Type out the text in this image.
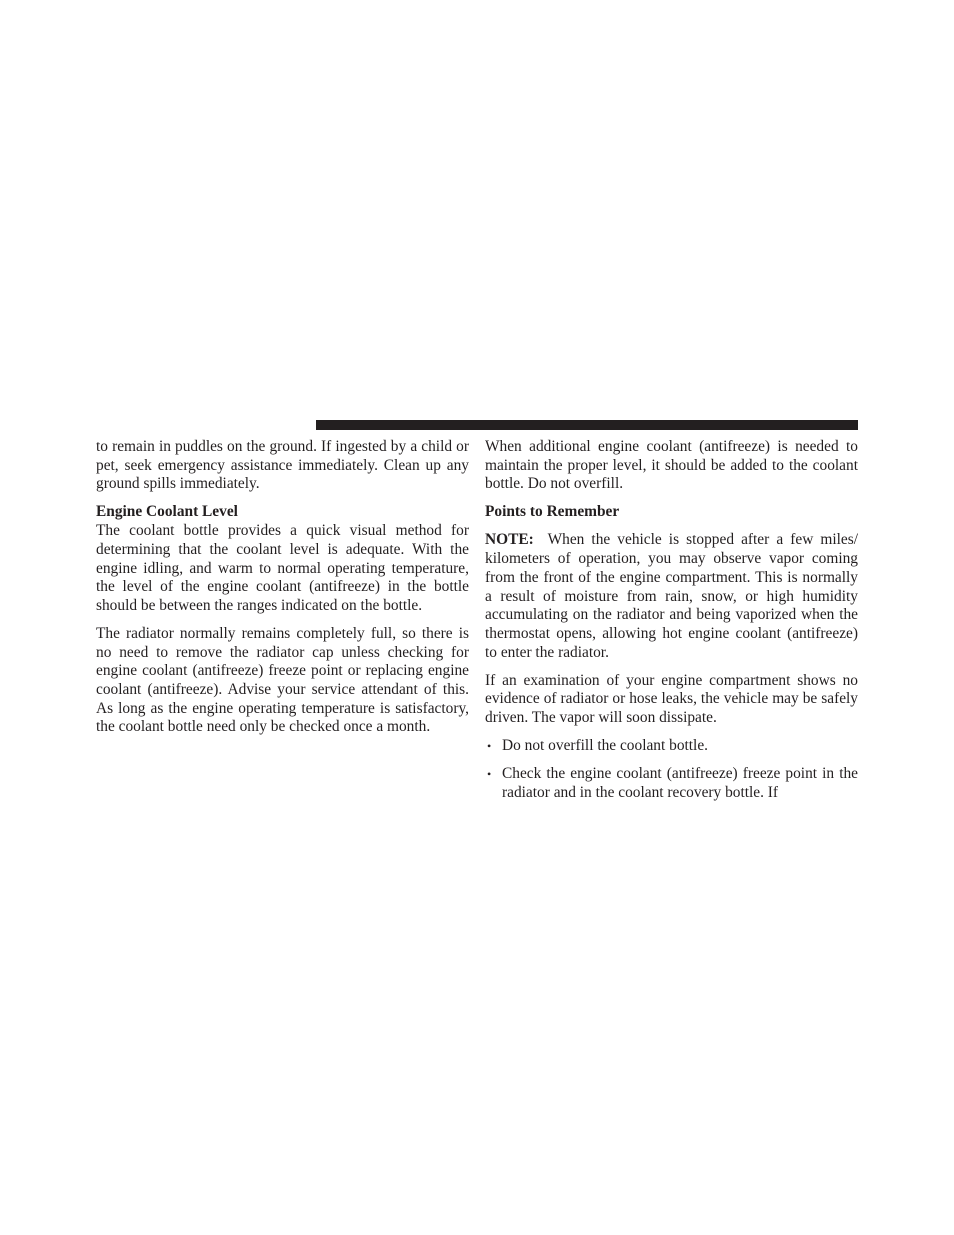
to remain in puddles on the ground. If ingested by a child or pet, seek emergency assistance immediately. Clean up any ground spills immediately.

Engine Coolant Level

The coolant bottle provides a quick visual method for determining that the coolant level is adequate. With the engine idling, and warm to normal operating temperature, the level of the engine coolant (antifreeze) in the bottle should be between the ranges indicated on the bottle.

The radiator normally remains completely full, so there is no need to remove the radiator cap unless checking for engine coolant (antifreeze) freeze point or replacing engine coolant (antifreeze). Advise your service attendant of this. As long as the engine operating temperature is satisfactory, the coolant bottle need only be checked once a month.

When additional engine coolant (antifreeze) is needed to maintain the proper level, it should be added to the coolant bottle. Do not overfill.

Points to Remember

NOTE: When the vehicle is stopped after a few miles/ kilometers of operation, you may observe vapor coming from the front of the engine compartment. This is normally a result of moisture from rain, snow, or high humidity accumulating on the radiator and being vaporized when the thermostat opens, allowing hot engine coolant (antifreeze) to enter the radiator.

If an examination of your engine compartment shows no evidence of radiator or hose leaks, the vehicle may be safely driven. The vapor will soon dissipate.

• Do not overfill the coolant bottle.
• Check the engine coolant (antifreeze) freeze point in the radiator and in the coolant recovery bottle. If
